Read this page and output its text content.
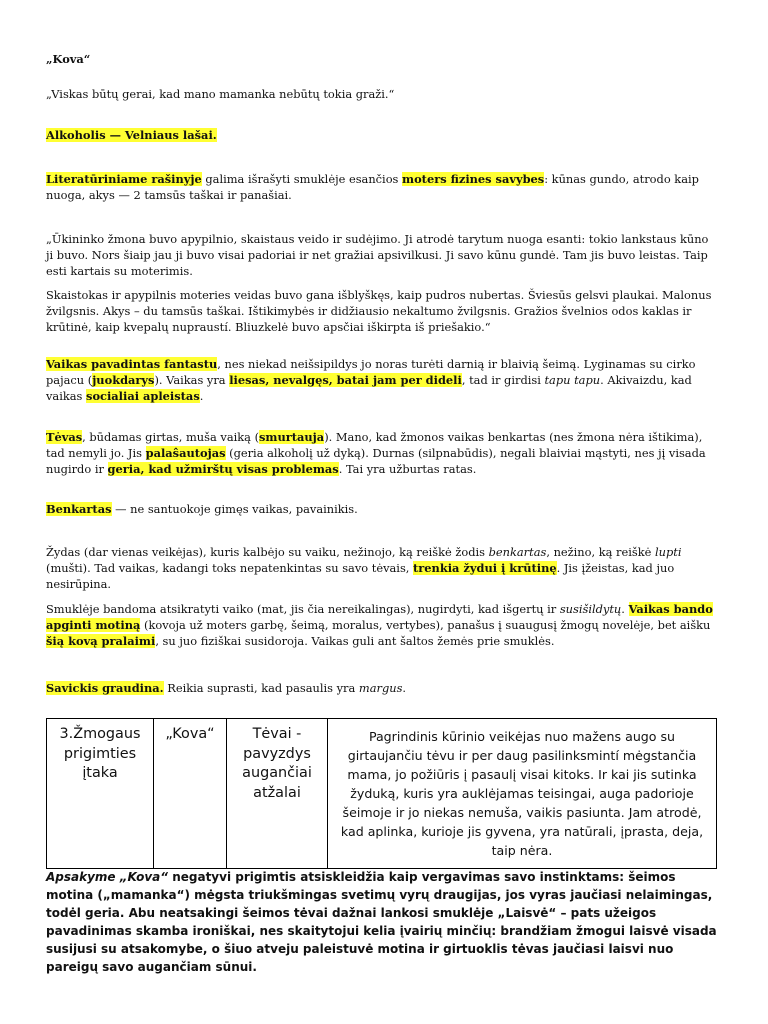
„Kova“

„Viskas būtų gerai, kad mano mamanka nebūtų tokia graži.“

Alkoholis — Velniaus lašai.

Literatūriniame rašinyje galima išrašyti smuklėje esančios moters fizines savybes: kūnas gundo, atrodo kaip nuoga, akys — 2 tamsūs taškai ir panašiai.

„Ūkininko žmona buvo apypilnio, skaistaus veido ir sudėjimo. Ji atrodė tarytum nuoga esanti: tokio lankstaus kūno ji buvo. Nors šiaip jau ji buvo visai padoriai ir net gražiai apsivilkusi. Ji savo kūnu gundė. Tam jis buvo leistas. Taip esti kartais su moterimis.

Skaistokas ir apypilnis moteries veidas buvo gana išblyškęs, kaip pudros nubertas. Šviesūs gelsvi plaukai. Malonus žvilgsnis. Akys – du tamsūs taškai. Ištikimybės ir didžiausio nekaltumo žvilgsnis. Gražios švelnios odos kaklas ir krūtinė, kaip kvepalų nupraustí. Bliuzkelė buvo apsčiai iškirpta iš priešakio.“

Vaikas pavadintas fantastu, nes niekad neišsipildys jo noras turėti darnią ir blaivią šeimą. Lyginamas su cirko pajacu (juokdarys). Vaikas yra liesas, nevalgęs, batai jam per dideli, tad ir girdisi tapu tapu. Akivaizdu, kad vaikas socialiai apleistas.

Tėvas, būdamas girtas, muša vaiką (smurtauja). Mano, kad žmonos vaikas benkartas (nes žmona nėra ištikima), tad nemyli jo. Jis palaŝautojas (geria alkoholį už dyką). Durnas (silpnabūdis), negali blaiviai mąstyti, nes jį visada nugirdo ir geria, kad užmirštų visas problemas. Tai yra užburtas ratas.

Benkartas — ne santuokoje gimęs vaikas, pavainikis.

Žydas (dar vienas veikėjas), kuris kalbėjo su vaiku, nežinojo, ką reiškė žodis benkartas, nežino, ką reiškė lupti (mušti). Tad vaikas, kadangi toks nepatenkintas su savo tėvais, trenkia žydui į krūtinę. Jis įžeistas, kad juo nesirūpina.

Smuklėje bandoma atsikratyti vaiko (mat, jis čia nereikalingas), nugirdyti, kad išgertų ir susišildytų. Vaikas bando apginti motiną (kovoja už moters garbę, šeimą, moralus, vertybes), panašus į suaugusį žmogų novelėje, bet aišku šią kovą pralaimi, su juo fiziškai susidoroja. Vaikas guli ant šaltos žemės prie smuklės.

Savickis graudina. Reikia suprasti, kad pasaulis yra margus.

3.Žmogaus prigimties įtaka	„Kova“	Tėvai - pavyzdys augančiai atžalai	Pagrindinis kūrinio veikėjas nuo mažens augo su girtaujančiu tėvu ir per daug pasilinksmintí mėgstančia mama, jo požiūris į pasaulį visai kitoks. Ir kai jis sutinka žyduką, kuris yra auklėjamas teisingai, auga padorioje šeimoje ir jo niekas nemuša, vaikis pasiunta. Jam atrodė, kad aplinka, kurioje jis gyvena, yra natūrali, įprasta, deja, taip nėra.

Apsakyme „Kova“ negatyvi prigimtis atsiskleidžia kaip vergavimas savo instinktams: šeimos motina („mamanka“) mėgsta triukšmingas svetimų vyrų draugijas, jos vyras jaučiasi nelaimingas, todėl geria. Abu neatsakingi šeimos tėvai dažnai lankosi smuklėje „Laisvė“ – pats užeigos pavadinimas skamba ironiškai, nes skaitytojui kelia įvairių minčių: brandžiam žmogui laisvė visada susijusi su atsakomybe, o šiuo atveju paleistuvė motina ir girtuoklis tėvas jaučiasi laisvi nuo pareigų savo augančiam sūnui.
